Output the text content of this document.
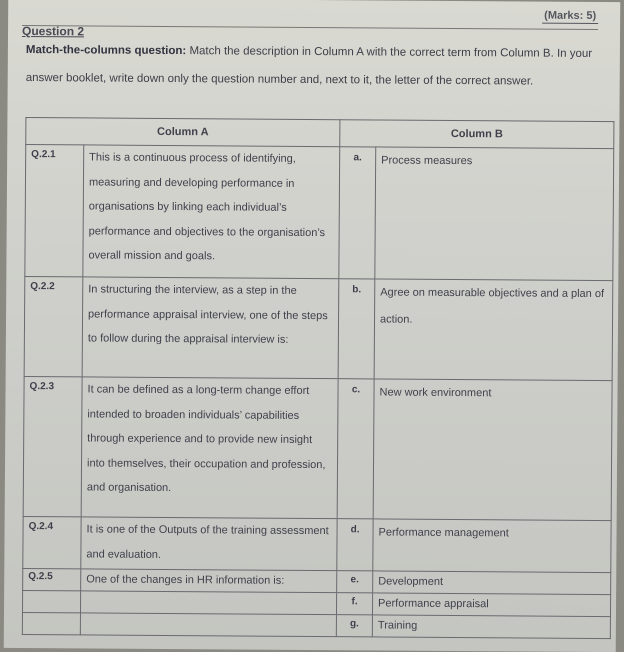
(Marks: 5)
Question 2
Match-the-columns question: Match the description in Column A with the correct term from Column B. In your answer booklet, write down only the question number and, next to it, the letter of the correct answer.
Column A		Column B	
Q.2.1	This is a continuous process of identifying, measuring and developing performance in organisations by linking each individual’s performance and objectives to the organisation’s overall mission and goals.	a.	Process measures
Q.2.2	In structuring the interview, as a step in the performance appraisal interview, one of the steps to follow during the appraisal interview is:	b.	Agree on measurable objectives and a plan of action.
Q.2.3	It can be defined as a long-term change effort intended to broaden individuals’ capabilities through experience and to provide new insight into themselves, their occupation and profession, and organisation.	c.	New work environment
Q.2.4	It is one of the Outputs of the training assessment and evaluation.	d.	Performance management
Q.2.5	One of the changes in HR information is:	e.	Development
		f.	Performance appraisal
		g.	Training
